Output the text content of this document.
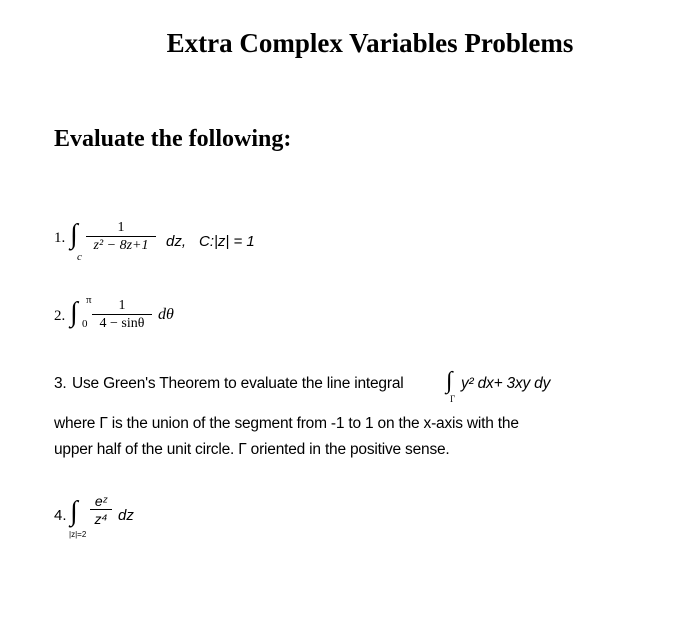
Extra Complex Variables Problems
Evaluate the following:
1. ∫
c
1
z² − 8z+1	dz, C:|z| = 1
2. ∫ π
0
1
4 − sinθ
dθ
3. Use Green's Theorem to evaluate the line integral ∫
Γ
y² dx+ 3xy dy
where Γ is the union of the segment from -1 to 1 on the x-axis with the
upper half of the unit circle. Γ oriented in the positive sense.
4. ∫
|z|=2
eᶻ
z⁴ dz
